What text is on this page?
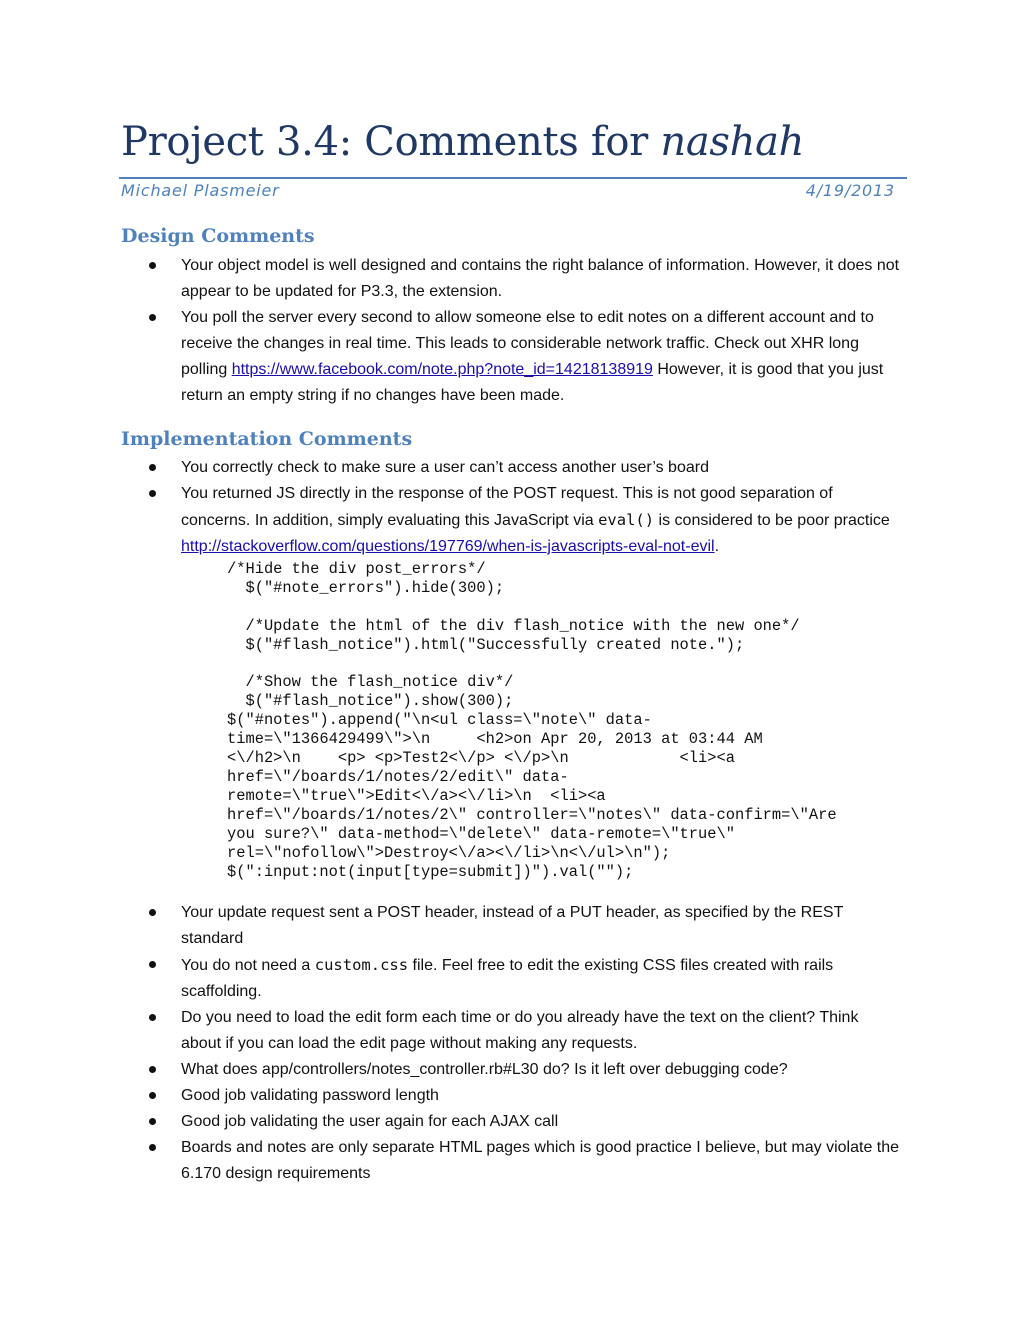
Project 3.4: Comments for nashah
Michael Plasmeier	4/19/2013
Design Comments
Your object model is well designed and contains the right balance of information. However, it does not appear to be updated for P3.3, the extension.
You poll the server every second to allow someone else to edit notes on a different account and to receive the changes in real time. This leads to considerable network traffic. Check out XHR long polling https://www.facebook.com/note.php?note_id=14218138919 However, it is good that you just return an empty string if no changes have been made.
Implementation Comments
You correctly check to make sure a user can’t access another user’s board
You returned JS directly in the response of the POST request. This is not good separation of concerns. In addition, simply evaluating this JavaScript via eval() is considered to be poor practice http://stackoverflow.com/questions/197769/when-is-javascripts-eval-not-evil.
/*Hide the div post_errors*/
$("#note_errors").hide(300);

/*Update the html of the div flash_notice with the new one*/
$("#flash_notice").html("Successfully created note.");

/*Show the flash_notice div*/
$("#flash_notice").show(300);
$("#notes").append("\n<ul class=\"note\" data-
time=\"1366429499\">\n     <h2>on Apr 20, 2013 at 03:44 AM
<\/h2>\n    <p> <p>Test2<\/p> <\/p>\n            <li><a
href=\"/boards/1/notes/2/edit\" data-
remote=\"true\">Edit<\/a><\/li>\n  <li><a
href=\"/boards/1/notes/2\" controller=\"notes\" data-confirm=\"Are
you sure?\" data-method=\"delete\" data-remote=\"true\"
rel=\"nofollow\">Destroy<\/a><\/li>\n<\/ul>\n");
$(":input:not(input[type=submit])").val("");
Your update request sent a POST header, instead of a PUT header, as specified by the REST standard
You do not need a custom.css file. Feel free to edit the existing CSS files created with rails scaffolding.
Do you need to load the edit form each time or do you already have the text on the client? Think about if you can load the edit page without making any requests.
What does app/controllers/notes_controller.rb#L30 do? Is it left over debugging code?
Good job validating password length
Good job validating the user again for each AJAX call
Boards and notes are only separate HTML pages which is good practice I believe, but may violate the 6.170 design requirements
